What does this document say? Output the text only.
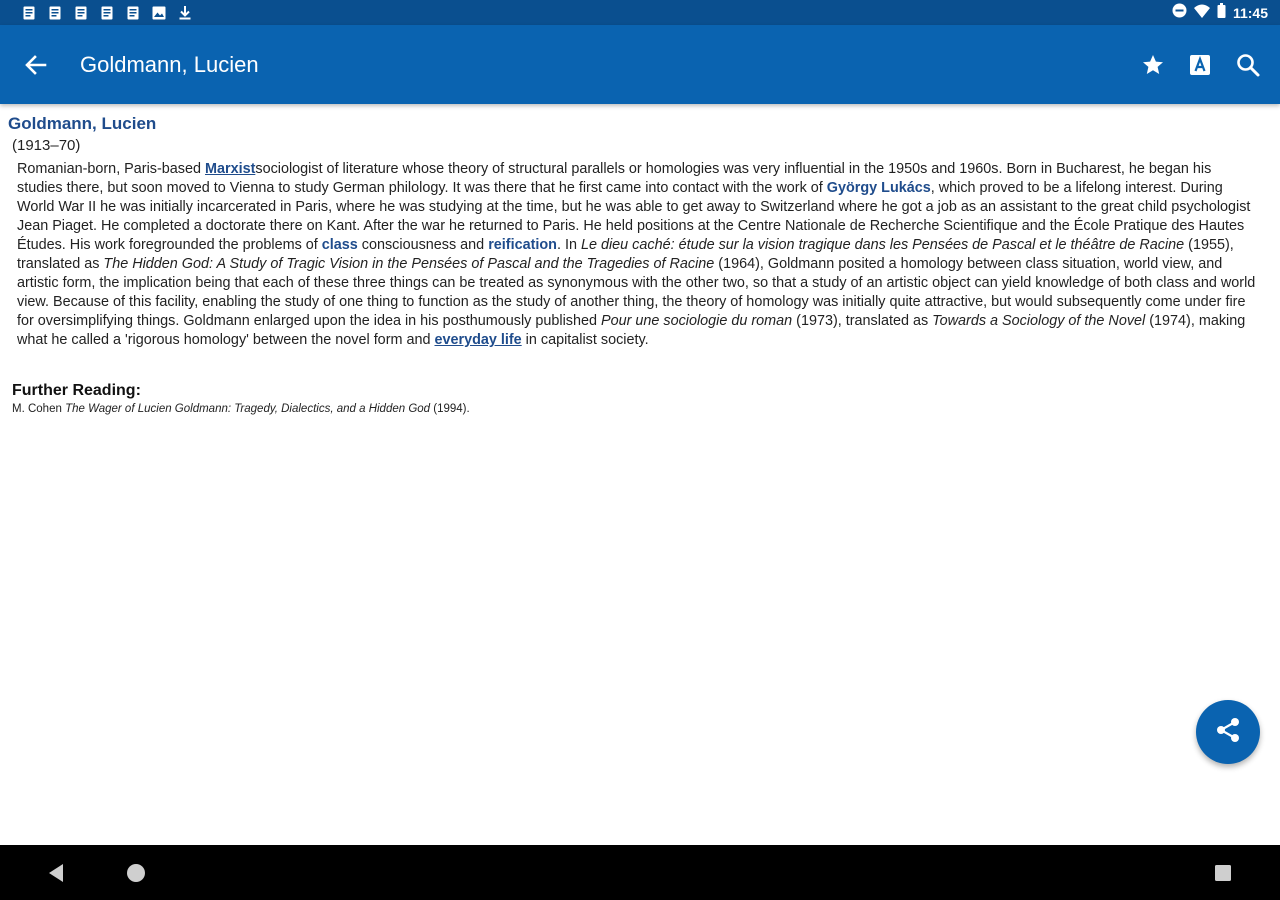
11:45
Goldmann, Lucien
Goldmann, Lucien
(1913–70)

Romanian-born, Paris-based Marxistsociologist of literature whose theory of structural parallels or homologies was very influential in the 1950s and 1960s. Born in Bucharest, he began his studies there, but soon moved to Vienna to study German philology. It was there that he first came into contact with the work of György Lukács, which proved to be a lifelong interest. During World War II he was initially incarcerated in Paris, where he was studying at the time, but he was able to get away to Switzerland where he got a job as an assistant to the great child psychologist Jean Piaget. He completed a doctorate there on Kant. After the war he returned to Paris. He held positions at the Centre Nationale de Recherche Scientifique and the École Pratique des Hautes Études. His work foregrounded the problems of class consciousness and reification. In Le dieu caché: étude sur la vision tragique dans les Pensées de Pascal et le théâtre de Racine (1955), translated as The Hidden God: A Study of Tragic Vision in the Pensées of Pascal and the Tragedies of Racine (1964), Goldmann posited a homology between class situation, world view, and artistic form, the implication being that each of these three things can be treated as synonymous with the other two, so that a study of an artistic object can yield knowledge of both class and world view. Because of this facility, enabling the study of one thing to function as the study of another thing, the theory of homology was initially quite attractive, but would subsequently come under fire for oversimplifying things. Goldmann enlarged upon the idea in his posthumously published Pour une sociologie du roman (1973), translated as Towards a Sociology of the Novel (1974), making what he called a 'rigorous homology' between the novel form and everyday life in capitalist society.

Further Reading:
M. Cohen The Wager of Lucien Goldmann: Tragedy, Dialectics, and a Hidden God (1994).
